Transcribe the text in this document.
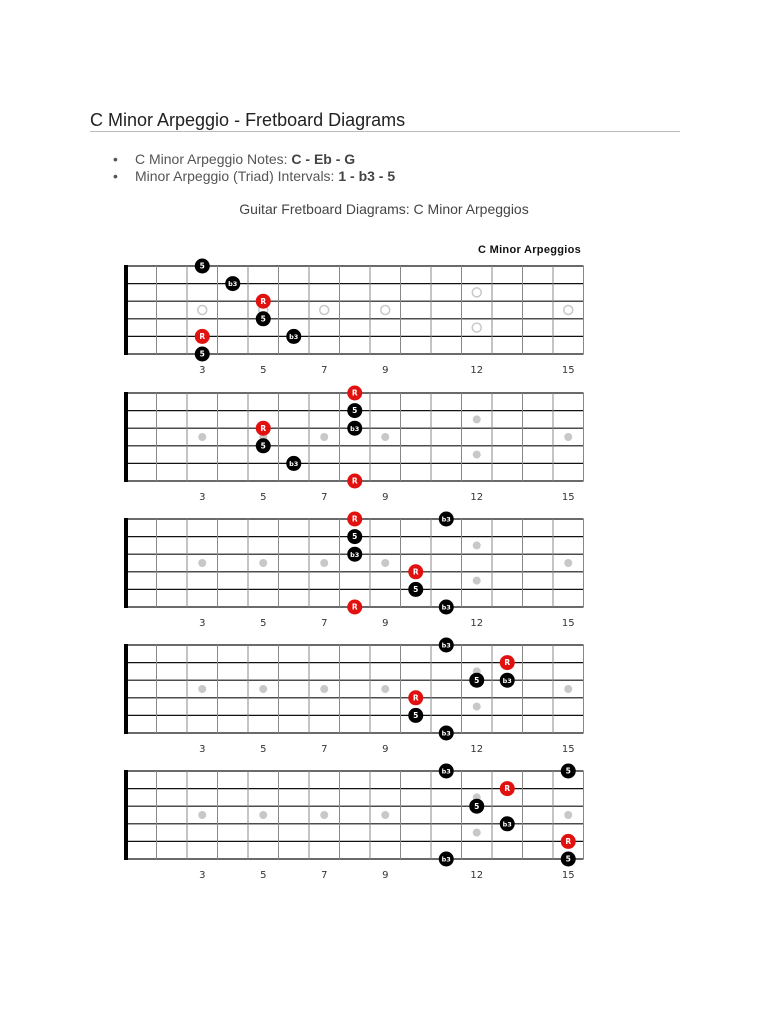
C Minor Arpeggio - Fretboard Diagrams
• C Minor Arpeggio Notes: C - Eb - G
• Minor Arpeggio (Triad) Intervals: 1 - b3 - 5
Guitar Fretboard Diagrams: C Minor Arpeggios
C Minor Arpeggios
5
b3
R
5
R	b3
5
3	5	7	9	12	15
R
5
b3
R
5
b3
R
3	5	7	9	12	15
R	b3
5
b3
R
5
R	b3
3	5	7	9	12	15
b3
R
5	b3
R
5
b3
3	5	7	9	12	15
b3	5
R
5
b3
R
b3	5
3	5	7	9	12	15
